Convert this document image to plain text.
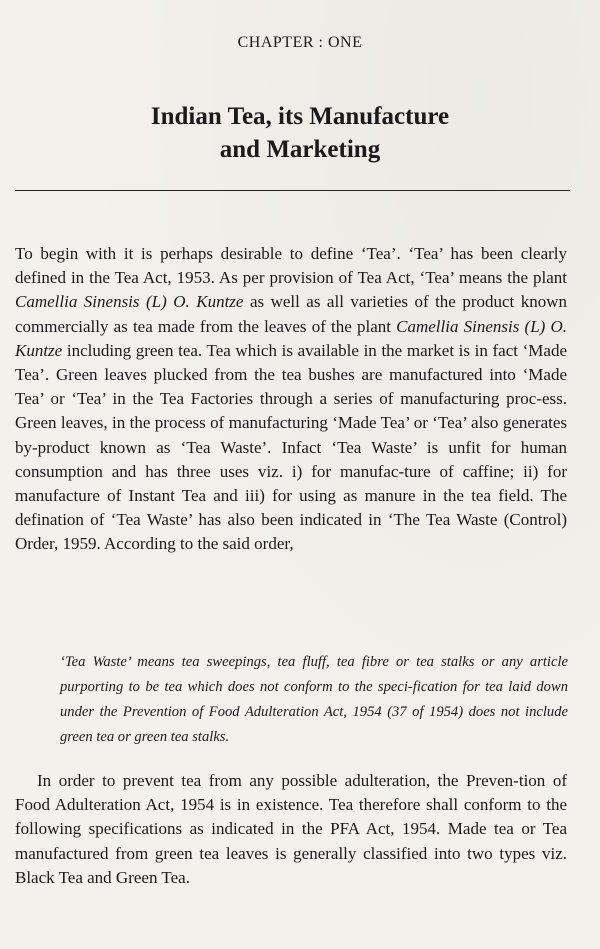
CHAPTER : ONE
Indian Tea, its Manufacture
and Marketing

To begin with it is perhaps desirable to define ‘Tea’. ‘Tea’ has been clearly defined in the Tea Act, 1953. As per provision of Tea Act, ‘Tea’ means the plant Camellia Sinensis (L) O. Kuntze as well as all varieties of the product known commercially as tea made from the leaves of the plant Camellia Sinensis (L) O. Kuntze including green tea. Tea which is available in the market is in fact ‘Made Tea’. Green leaves plucked from the tea bushes are manufactured into ‘Made Tea’ or ‘Tea’ in the Tea Factories through a series of manufacturing proc-ess. Green leaves, in the process of manufacturing ‘Made Tea’ or ‘Tea’ also generates by-product known as ‘Tea Waste’. Infact ‘Tea Waste’ is unfit for human consumption and has three uses viz. i) for manufac-ture of caffine; ii) for manufacture of Instant Tea and iii) for using as manure in the tea field. The defination of ‘Tea Waste’ has also been indicated in ‘The Tea Waste (Control) Order, 1959. According to the said order,

‘Tea Waste’ means tea sweepings, tea fluff, tea fibre or tea stalks or any article purporting to be tea which does not conform to the speci-fication for tea laid down under the Prevention of Food Adulteration Act, 1954 (37 of 1954) does not include green tea or green tea stalks.

In order to prevent tea from any possible adulteration, the Preven-tion of Food Adulteration Act, 1954 is in existence. Tea therefore shall conform to the following specifications as indicated in the PFA Act, 1954. Made tea or Tea manufactured from green tea leaves is generally classified into two types viz. Black Tea and Green Tea.
